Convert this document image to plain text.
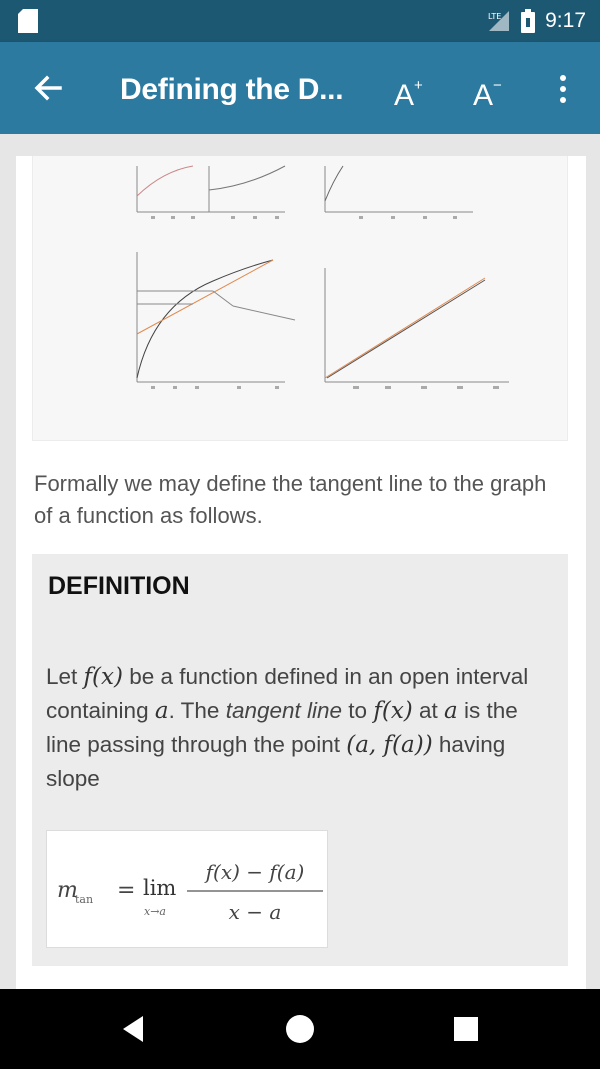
LTE 9:17
Defining the D...	A+ A−
Formally we may define the tangent line to the graph of a function as follows.
DEFINITION
Let f(x) be a function defined in an open interval containing a. The tangent line to f(x) at a is the line passing through the point (a, f(a)) having slope
m
tan = lim
x→a
f(x) − f(a)
x − a
